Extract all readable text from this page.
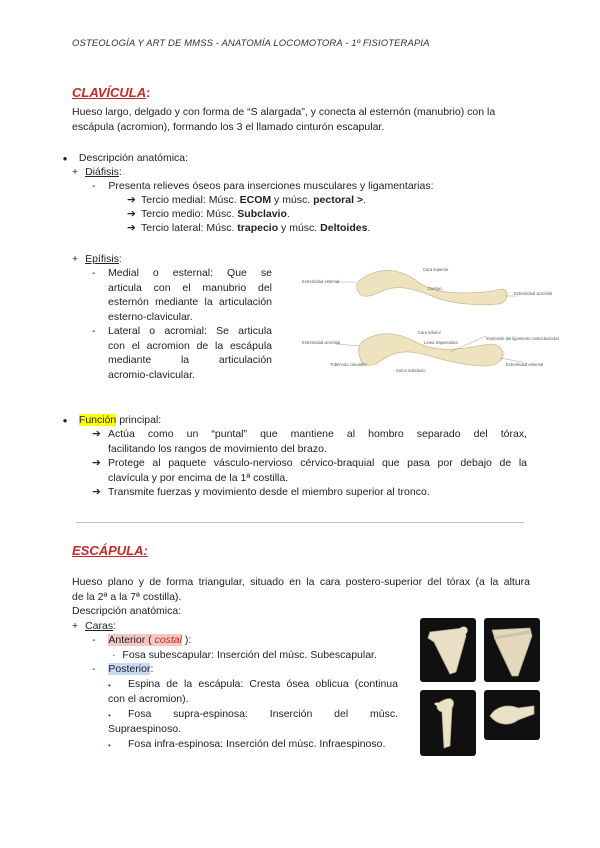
OSTEOLOGÍA Y ART DE MMSS - ANATOMÍA LOCOMOTORA - 1º FISIOTERAPIA
CLAVÍCULA:
Hueso largo, delgado y con forma de “S alargada”, y conecta al esternón (manubrio) con la
escápula (acromion), formando los 3 el llamado cinturón escapular.
● Descripción anatómica:
+ Diáfisis:
- Presenta relieves óseos para inserciones musculares y ligamentarias:
➔ Tercio medial: Músc. ECOM y músc. pectoral >.
➔ Tercio medio: Músc. Subclavio.
➔ Tercio lateral: Músc. trapecio y músc. Deltoides.
+ Epífisis:
- Medial o esternal: Que se
articula con el manubrio del
esternón mediante la articulación
esterno-clavicular.
- Lateral o acromial: Se articula
con el acromion de la escápula
mediante la articulación
acromio-clavicular.
Cara superior
Extremidad esternal
Cuerpo
Extremidad acromial
Cara inferior
Extremidad acromial
Extremidad esternal
Tubérculo conoideo
Línea trapezoidea
Surco subclavio
Impresión del ligamento costoclavicular
● Función principal:
➔ Actúa como un “puntal” que mantiene al hombro separado del tórax,
facilitando los rangos de movimiento del brazo.
➔ Protege al paquete vásculo-nervioso cérvico-braquial que pasa por debajo de la
clavícula y por encima de la 1ª costilla.
➔ Transmite fuerzas y movimiento desde el miembro superior al tronco.
ESCÁPULA:
Hueso plano y de forma triangular, situado en la cara postero-superior del tórax (a la altura
de la 2ª a la 7ª costilla).
Descripción anatómica:
+ Caras:
- Anterior ( costal ):
· Fosa subescapular: Inserción del músc. Subescapular.
- Posterior:
•	Espina de la escápula: Cresta ósea oblicua (continua
con el acromion).
•	Fosa supra-espinosa: Inserción del músc.
Supraespinoso.
• Fosa infra-espinosa: Inserción del músc. Infraespinoso.
